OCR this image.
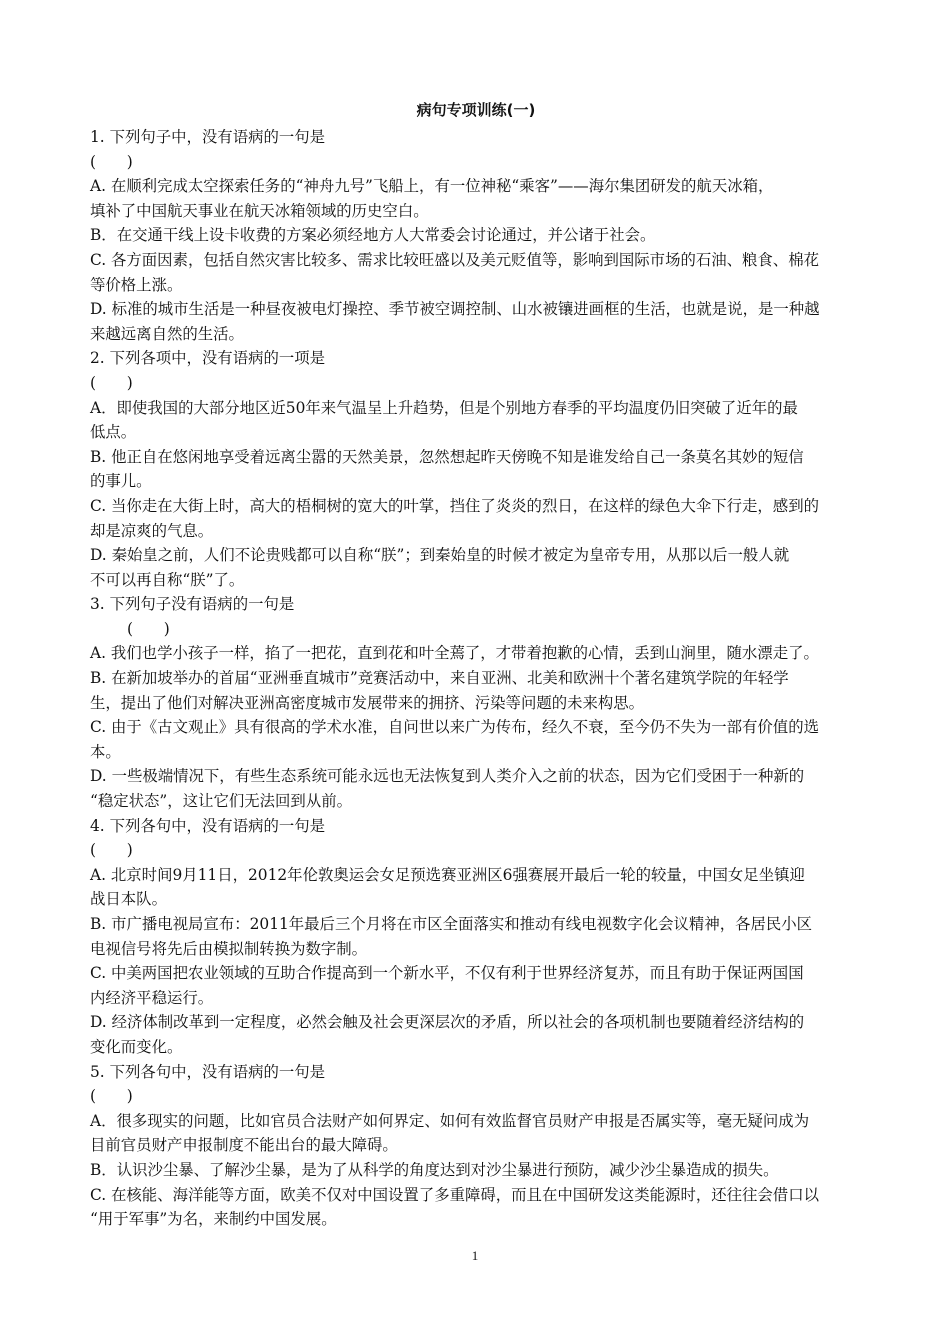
病句专项训练(一)
1. 下列句子中，没有语病的一句是
(　　)
A. 在顺利完成太空探索任务的“神舟九号”飞船上，有一位神秘“乘客”——海尔集团研发的航天冰箱，
填补了中国航天事业在航天冰箱领域的历史空白。
B．在交通干线上设卡收费的方案必须经地方人大常委会讨论通过，并公诸于社会。
C. 各方面因素，包括自然灾害比较多、需求比较旺盛以及美元贬值等，影响到国际市场的石油、粮食、棉花
等价格上涨。
D. 标准的城市生活是一种昼夜被电灯操控、季节被空调控制、山水被镶进画框的生活，也就是说，是一种越
来越远离自然的生活。
2. 下列各项中，没有语病的一项是
(　　)
A．即使我国的大部分地区近50年来气温呈上升趋势，但是个别地方春季的平均温度仍旧突破了近年的最
低点。
B. 他正自在悠闲地享受着远离尘嚣的天然美景，忽然想起昨天傍晚不知是谁发给自己一条莫名其妙的短信
的事儿。
C. 当你走在大街上时，高大的梧桐树的宽大的叶掌，挡住了炎炎的烈日，在这样的绿色大伞下行走，感到的
却是凉爽的气息。
D. 秦始皇之前，人们不论贵贱都可以自称“朕”；到秦始皇的时候才被定为皇帝专用，从那以后一般人就
不可以再自称“朕”了。
3. 下列句子没有语病的一句是
(　　)
A. 我们也学小孩子一样，掐了一把花，直到花和叶全蔫了，才带着抱歉的心情，丢到山涧里，随水漂走了。
B. 在新加坡举办的首届“亚洲垂直城市”竞赛活动中，来自亚洲、北美和欧洲十个著名建筑学院的年轻学
生，提出了他们对解决亚洲高密度城市发展带来的拥挤、污染等问题的未来构思。
C. 由于《古文观止》具有很高的学术水准，自问世以来广为传布，经久不衰，至今仍不失为一部有价值的选
本。
D. 一些极端情况下，有些生态系统可能永远也无法恢复到人类介入之前的状态，因为它们受困于一种新的
“稳定状态”，这让它们无法回到从前。
4. 下列各句中，没有语病的一句是
(　　)
A. 北京时间9月11日，2012年伦敦奥运会女足预选赛亚洲区6强赛展开最后一轮的较量，中国女足坐镇迎
战日本队。
B. 市广播电视局宣布：2011年最后三个月将在市区全面落实和推动有线电视数字化会议精神，各居民小区
电视信号将先后由模拟制转换为数字制。
C. 中美两国把农业领域的互助合作提高到一个新水平，不仅有利于世界经济复苏，而且有助于保证两国国
内经济平稳运行。
D. 经济体制改革到一定程度，必然会触及社会更深层次的矛盾，所以社会的各项机制也要随着经济结构的
变化而变化。
5. 下列各句中，没有语病的一句是
(　　)
A．很多现实的问题，比如官员合法财产如何界定、如何有效监督官员财产申报是否属实等，毫无疑问成为
目前官员财产申报制度不能出台的最大障碍。
B．认识沙尘暴、了解沙尘暴，是为了从科学的角度达到对沙尘暴进行预防，减少沙尘暴造成的损失。
C. 在核能、海洋能等方面，欧美不仅对中国设置了多重障碍，而且在中国研发这类能源时，还往往会借口以
“用于军事”为名，来制约中国发展。
1
